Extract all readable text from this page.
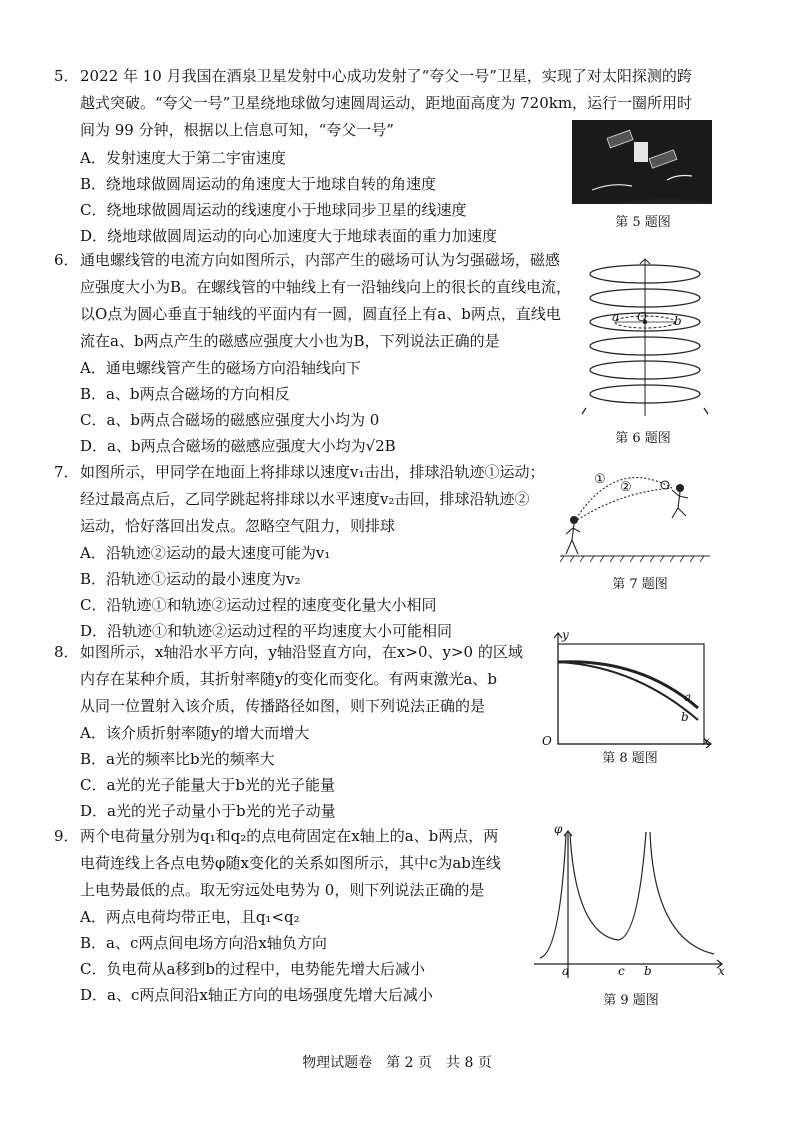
5． 2022 年 10 月我国在酒泉卫星发射中心成功发射了“夸父一号”卫星，实现了对太阳探测的跨
越式突破。“夸父一号”卫星绕地球做匀速圆周运动，距地面高度为 720km，运行一圈所用时
间为 99 分钟，根据以上信息可知，“夸父一号”
A．发射速度大于第二宇宙速度
B．绕地球做圆周运动的角速度大于地球自转的角速度
C．绕地球做圆周运动的线速度小于地球同步卫星的线速度
D．绕地球做圆周运动的向心加速度大于地球表面的重力加速度
第 5 题图
6． 通电螺线管的电流方向如图所示，内部产生的磁场可认为匀强磁场，磁感
应强度大小为B。在螺线管的中轴线上有一沿轴线向上的很长的直线电流，
以O点为圆心垂直于轴线的平面内有一圆，圆直径上有a、b两点，直线电
流在a、b两点产生的磁感应强度大小也为B，下列说法正确的是
A．通电螺线管产生的磁场方向沿轴线向下
B．a、b两点合磁场的方向相反
C．a、b两点合磁场的磁感应强度大小均为 0
D．a、b两点合磁场的磁感应强度大小均为√2B
a O b
第 6 题图
7． 如图所示，甲同学在地面上将排球以速度v₁击出，排球沿轨迹①运动；
经过最高点后，乙同学跳起将排球以水平速度v₂击回，排球沿轨迹②
运动，恰好落回出发点。忽略空气阻力，则排球
A．沿轨迹②运动的最大速度可能为v₁
B．沿轨迹①运动的最小速度为v₂
C．沿轨迹①和轨迹②运动过程的速度变化量大小相同
D．沿轨迹①和轨迹②运动过程的平均速度大小可能相同
①
②
第 7 题图
8． 如图所示，x轴沿水平方向，y轴沿竖直方向，在x>0、y>0 的区域
内存在某种介质，其折射率随y的变化而变化。有两束激光a、b
从同一位置射入该介质，传播路径如图，则下列说法正确的是
A．该介质折射率随y的增大而增大
B．a光的频率比b光的频率大
C．a光的光子能量大于b光的光子能量
D．a光的光子动量小于b光的光子动量
y
x
O
a
b
第 8 题图
9． 两个电荷量分别为q₁和q₂的点电荷固定在x轴上的a、b两点，两
电荷连线上各点电势φ随x变化的关系如图所示，其中c为ab连线
上电势最低的点。取无穷远处电势为 0，则下列说法正确的是
A．两点电荷均带正电，且q₁<q₂
B．a、c两点间电场方向沿x轴负方向
C．负电荷从a移到b的过程中，电势能先增大后减小
D．a、c两点间沿x轴正方向的电场强度先增大后减小
φ
a	c b	x
第 9 题图
物理试题卷　第 2 页　共 8 页
